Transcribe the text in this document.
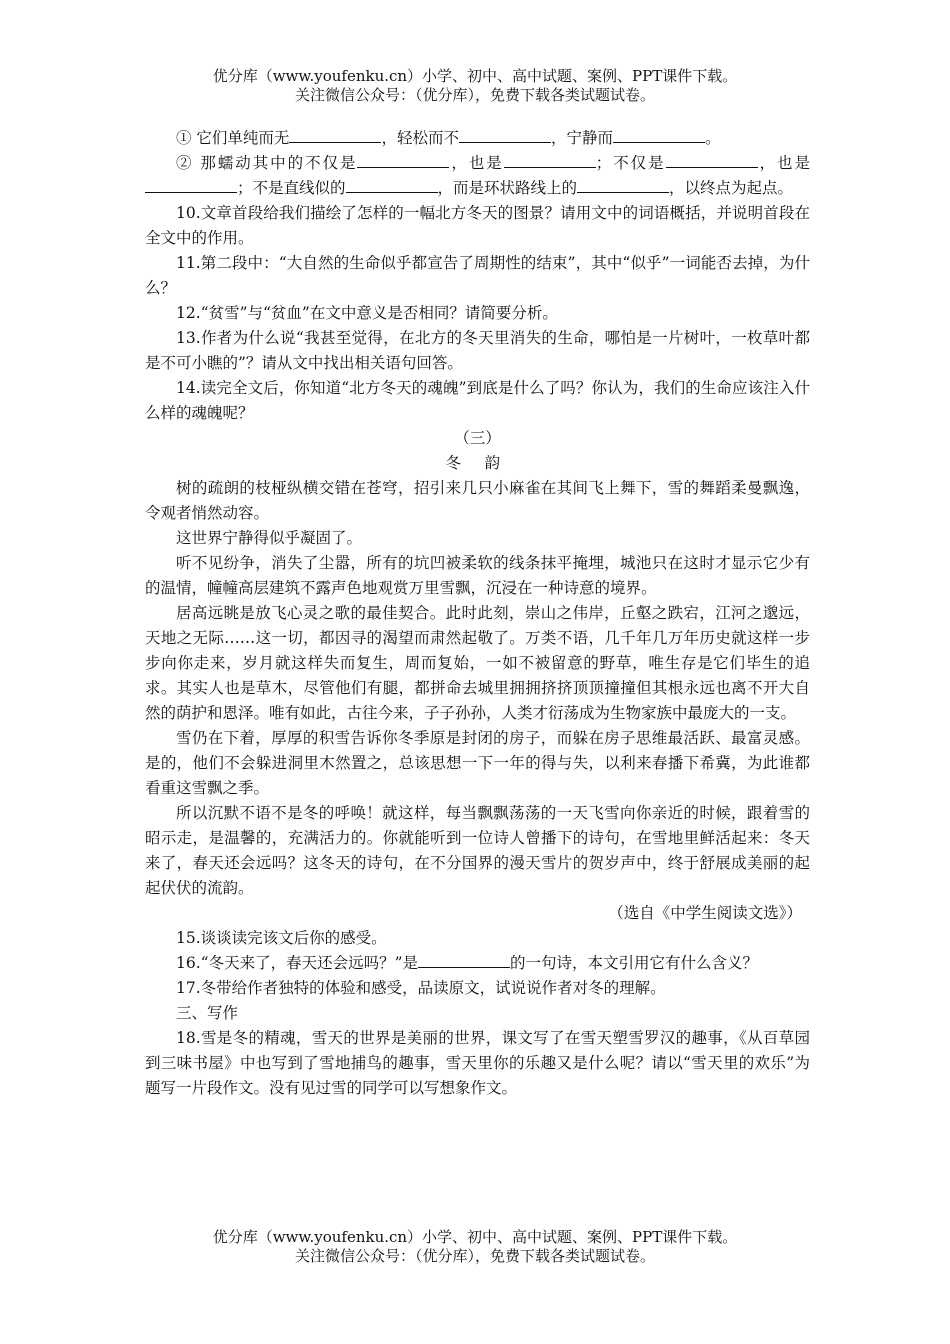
优分库（www.youfenku.cn）小学、初中、高中试题、案例、PPT课件下载。
关注微信公众号：（优分库），免费下载各类试题试卷。

① 它们单纯而无	，轻松而不	，宁静而	。

② 那蠕动其中的不仅是	，也是	；不仅是	，也是；不是直线似的	，而是环状路线上的	，以终点为起点。

10.文章首段给我们描绘了怎样的一幅北方冬天的图景？请用文中的词语概括，并说明首段在全文中的作用。

11.第二段中：“大自然的生命似乎都宣告了周期性的结束”，其中“似乎”一词能否去掉，为什么？

12.“贫雪”与“贫血”在文中意义是否相同？请简要分析。

13.作者为什么说“我甚至觉得，在北方的冬天里消失的生命，哪怕是一片树叶，一枚草叶都是不可小瞧的”？请从文中找出相关语句回答。

14.读完全文后，你知道“北方冬天的魂魄”到底是什么了吗？你认为，我们的生命应该注入什么样的魂魄呢？

（三）

冬 韵

树的疏朗的枝桠纵横交错在苍穹，招引来几只小麻雀在其间飞上舞下，雪的舞蹈柔曼飘逸，令观者悄然动容。

这世界宁静得似乎凝固了。

听不见纷争，消失了尘嚣，所有的坑凹被柔软的线条抹平掩埋，城池只在这时才显示它少有的温情，幢幢高层建筑不露声色地观赏万里雪飘，沉浸在一种诗意的境界。

居高远眺是放飞心灵之歌的最佳契合。此时此刻，崇山之伟岸，丘壑之跌宕，江河之邈远，天地之无际……这一切，都因寻的渴望而肃然起敬了。万类不语，几千年几万年历史就这样一步步向你走来，岁月就这样失而复生，周而复始，一如不被留意的野草，唯生存是它们毕生的追求。其实人也是草木，尽管他们有腿，都拼命去城里拥拥挤挤顶顶撞撞但其根永远也离不开大自然的荫护和恩泽。唯有如此，古往今来，子子孙孙，人类才衍荡成为生物家族中最庞大的一支。

雪仍在下着，厚厚的积雪告诉你冬季原是封闭的房子，而躲在房子思维最活跃、最富灵感。是的，他们不会躲进洞里木然置之，总该思想一下一年的得与失，以利来春播下希冀，为此谁都看重这雪飘之季。

所以沉默不语不是冬的呼唤！就这样，每当飘飘荡荡的一天飞雪向你亲近的时候，跟着雪的昭示走，是温馨的，充满活力的。你就能听到一位诗人曾播下的诗句，在雪地里鲜活起来：冬天来了，春天还会远吗？这冬天的诗句，在不分国界的漫天雪片的贺岁声中，终于舒展成美丽的起起伏伏的流韵。

（选自《中学生阅读文选》）

15.谈谈读完该文后你的感受。

16.“冬天来了，春天还会远吗？”是	的一句诗，本文引用它有什么含义？

17.冬带给作者独特的体验和感受，品读原文，试说说作者对冬的理解。

三、写作

18.雪是冬的精魂，雪天的世界是美丽的世界，课文写了在雪天塑雪罗汉的趣事，《从百草园到三味书屋》中也写到了雪地捕鸟的趣事，雪天里你的乐趣又是什么呢？请以“雪天里的欢乐”为题写一片段作文。没有见过雪的同学可以写想象作文。

优分库（www.youfenku.cn）小学、初中、高中试题、案例、PPT课件下载。
关注微信公众号：（优分库），免费下载各类试题试卷。
